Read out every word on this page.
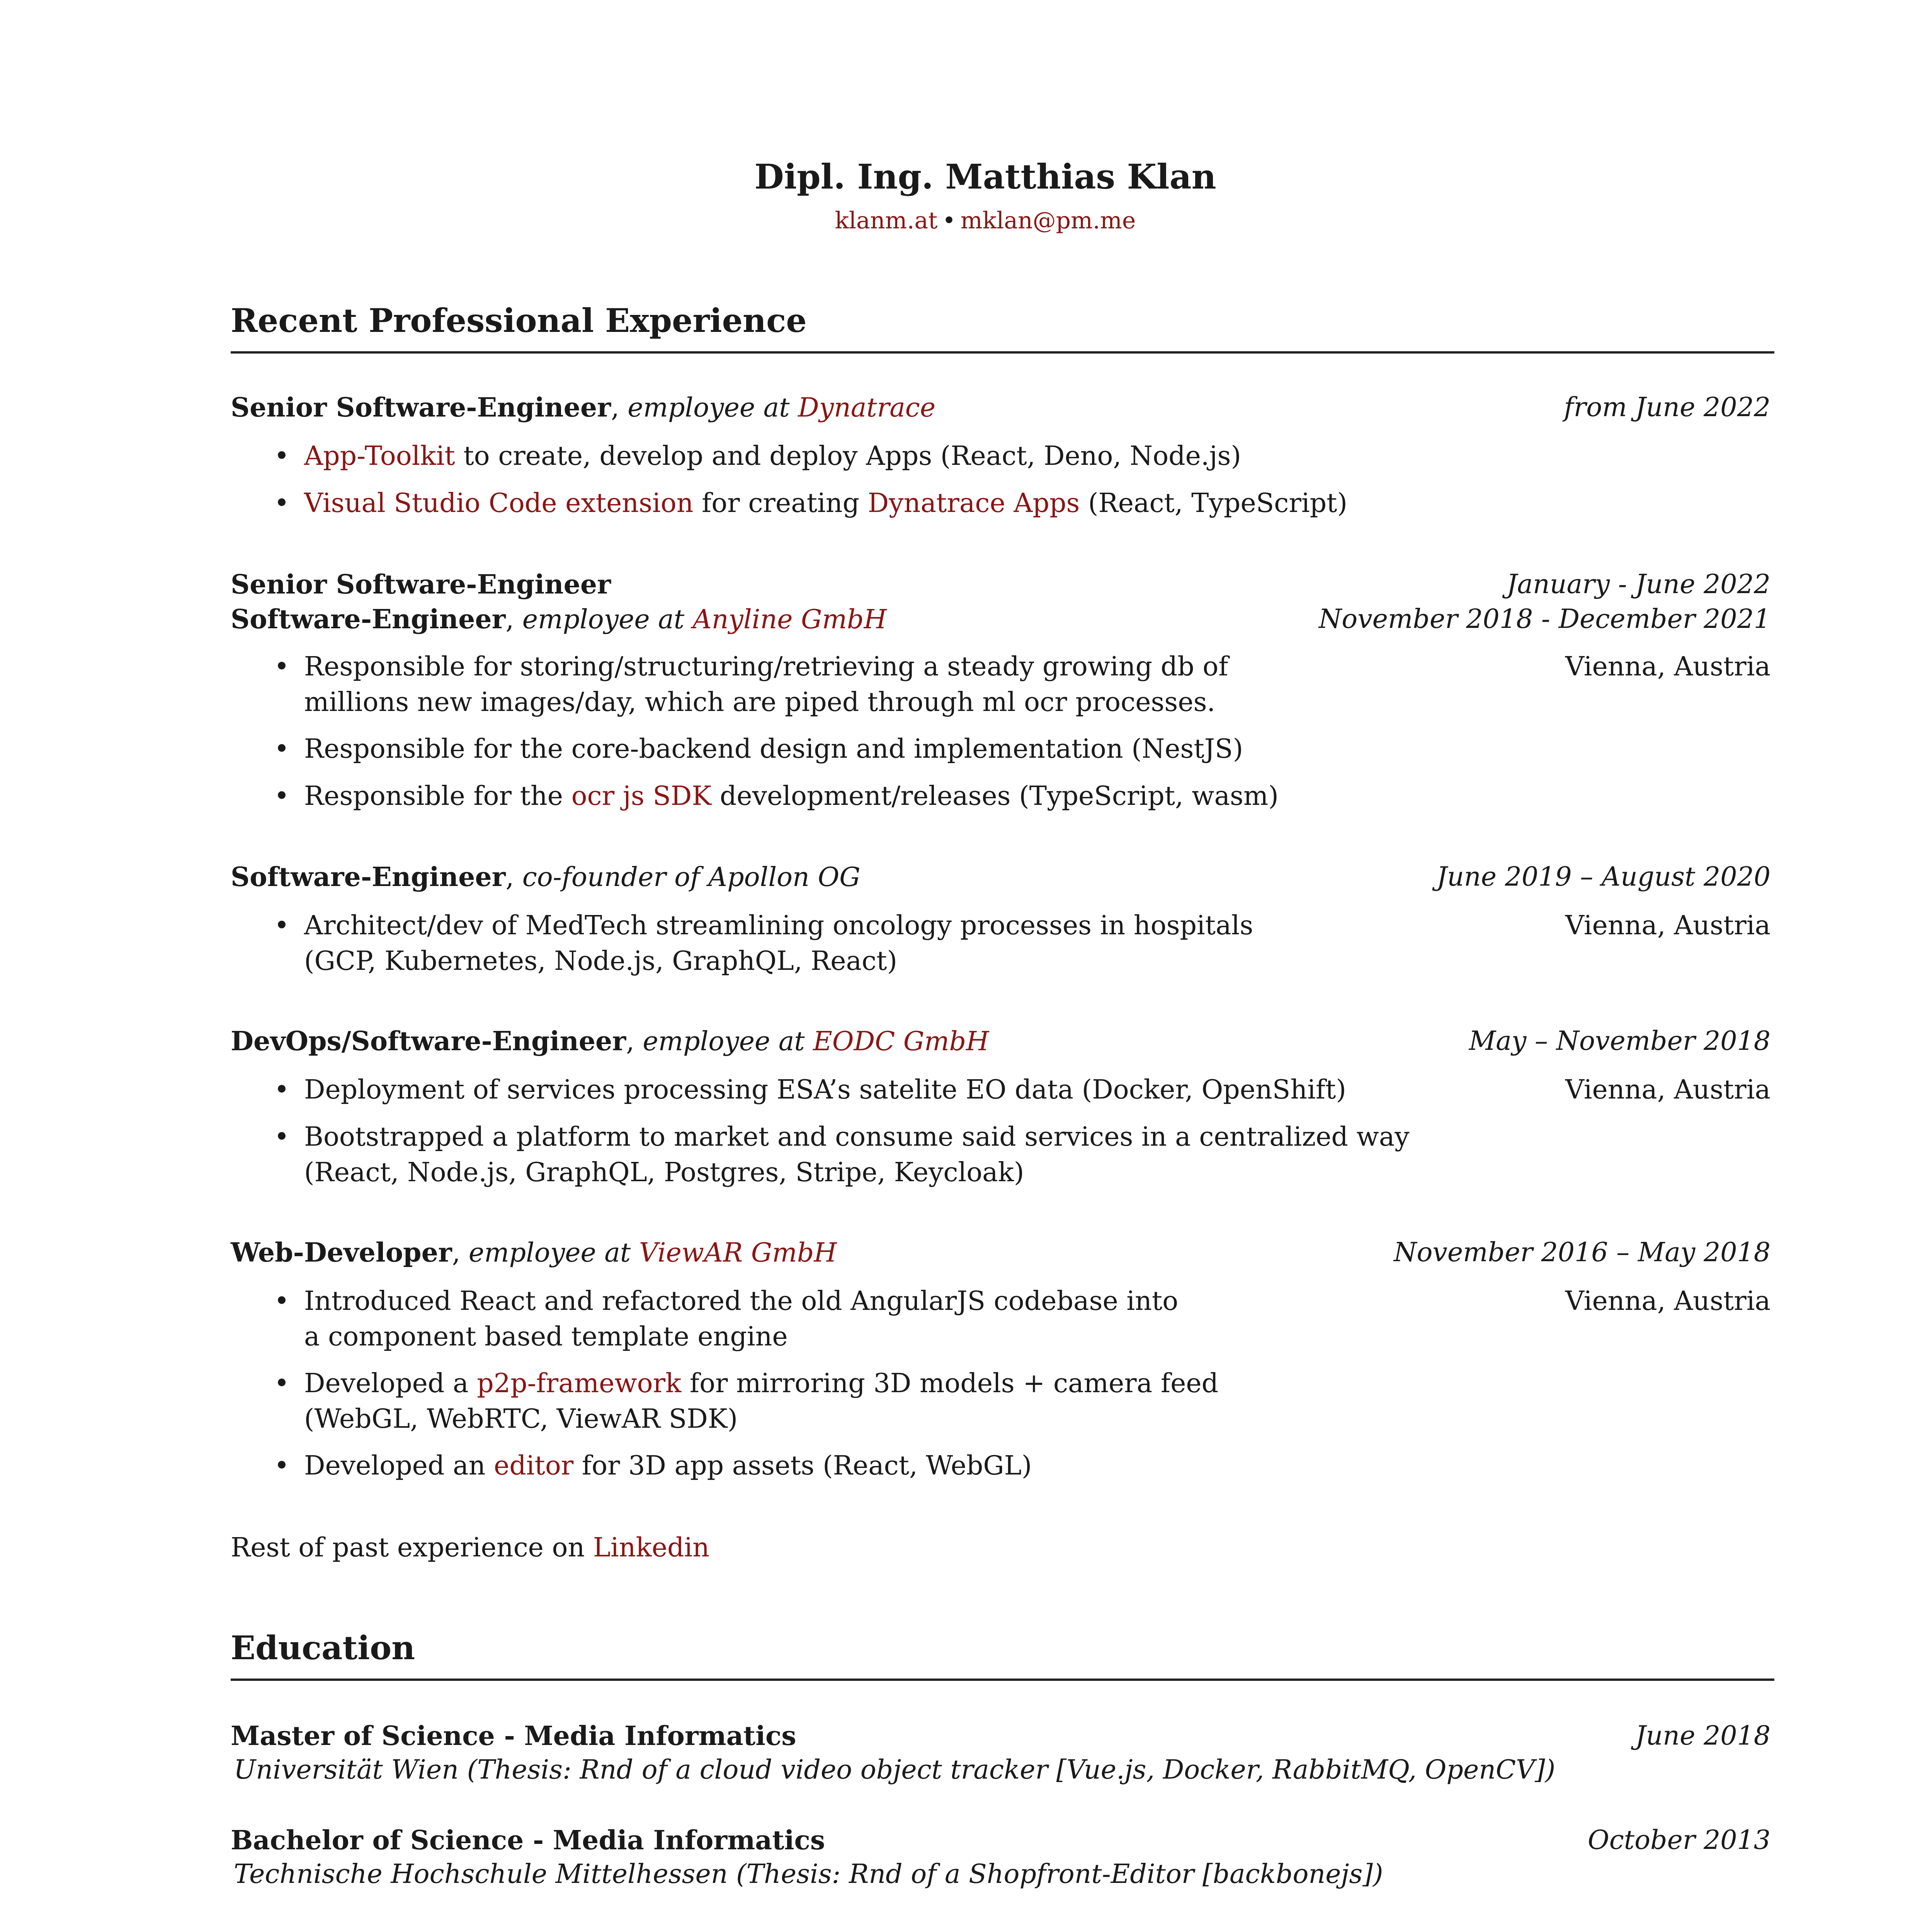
Dipl. Ing. Matthias Klan
klanm.at • mklan@pm.me
Recent Professional Experience
Senior Software-Engineer, employee at Dynatrace	from June 2022
• App-Toolkit to create, develop and deploy Apps (React, Deno, Node.js)
• Visual Studio Code extension for creating Dynatrace Apps (React, TypeScript)
Senior Software-Engineer	January - June 2022
Software-Engineer, employee at Anyline GmbH	November 2018 - December 2021
Vienna, Austria
• Responsible for storing/structuring/retrieving a steady growing db of
millions new images/day, which are piped through ml ocr processes.
• Responsible for the core-backend design and implementation (NestJS)
• Responsible for the ocr js SDK development/releases (TypeScript, wasm)
Software-Engineer, co-founder of Apollon OG	June 2019 – August 2020
Vienna, Austria
• Architect/dev of MedTech streamlining oncology processes in hospitals
(GCP, Kubernetes, Node.js, GraphQL, React)
DevOps/Software-Engineer, employee at EODC GmbH	May – November 2018
Vienna, Austria
• Deployment of services processing ESA’s satelite EO data (Docker, OpenShift)
• Bootstrapped a platform to market and consume said services in a centralized way
(React, Node.js, GraphQL, Postgres, Stripe, Keycloak)
Web-Developer, employee at ViewAR GmbH	November 2016 – May 2018
Vienna, Austria
• Introduced React and refactored the old AngularJS codebase into
a component based template engine
• Developed a p2p-framework for mirroring 3D models + camera feed
(WebGL, WebRTC, ViewAR SDK)
• Developed an editor for 3D app assets (React, WebGL)
Rest of past experience on Linkedin
Education
Master of Science - Media Informatics	June 2018
Universität Wien (Thesis: Rnd of a cloud video object tracker [Vue.js, Docker, RabbitMQ, OpenCV])
Bachelor of Science - Media Informatics	October 2013
Technische Hochschule Mittelhessen (Thesis: Rnd of a Shopfront-Editor [backbonejs])
